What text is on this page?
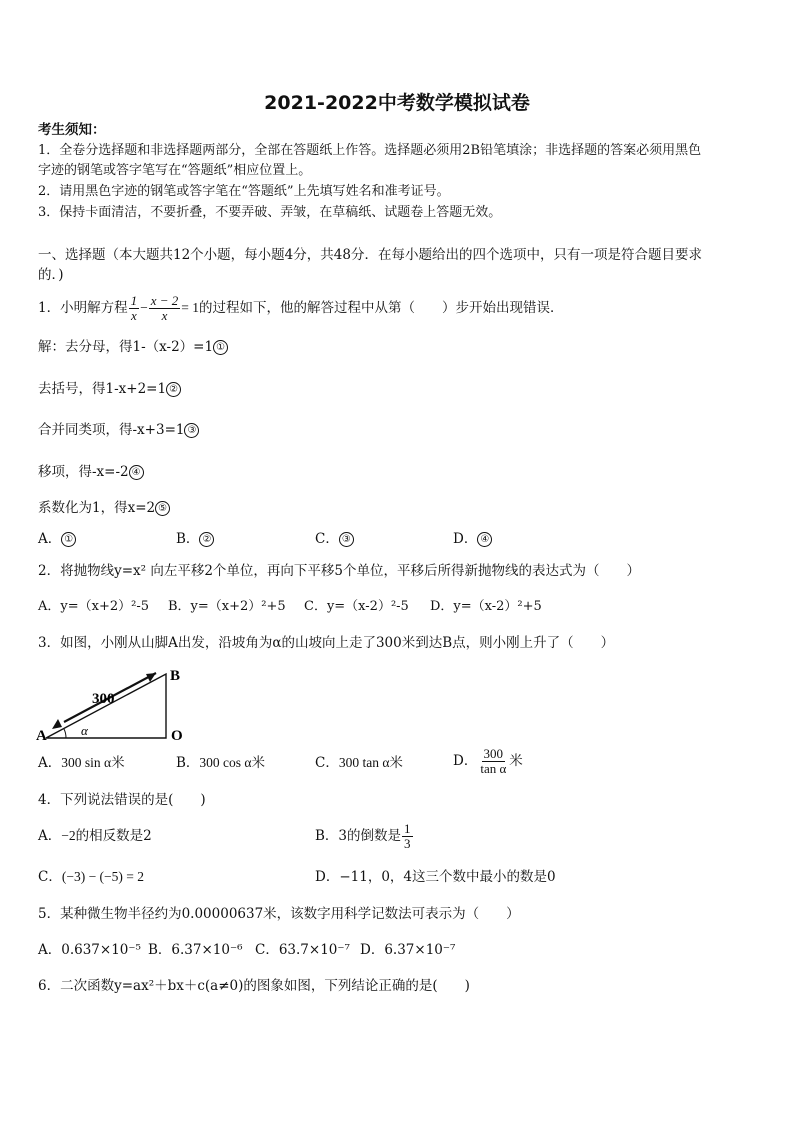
2021-2022中考数学模拟试卷
考生须知：
1．全卷分选择题和非选择题两部分，全部在答题纸上作答。选择题必须用2B铅笔填涂；非选择题的答案必须用黑色
字迹的钢笔或答字笔写在“答题纸”相应位置上。
2．请用黑色字迹的钢笔或答字笔在“答题纸”上先填写姓名和准考证号。
3．保持卡面清洁，不要折叠，不要弄破、弄皱，在草稿纸、试题卷上答题无效。
一、选择题（本大题共12个小题，每小题4分，共48分．在每小题给出的四个选项中，只有一项是符合题目要求
的．)
1．小明解方程 $\frac{1}{x} - \frac{x - 2}{x} = 1$的过程如下，他的解答过程中从第（　　）步开始出现错误．
解：去分母，得1-（x-2）=1 ①
去括号，得1-x+2=1 ②
合并同类项，得-x+3=1 ③
移项，得-x=-2 ④
系数化为1，得x=2 ⑤
A． ①	B． ②	C． ③	D． ④
2．将抛物线y=x² 向左平移2个单位，再向下平移5个单位，平移后所得新抛物线的表达式为（　　）
A．y=（x+2）²-5 B．y=（x+2）²+5 C．y=（x-2）²-5 D．y=（x-2）²+5
3．如图，小刚从山脚A出发，沿坡角为α的山坡向上走了300米到达B点，则小刚上升了（　　）
300
α
A
B
O
A．300 sin α米	B．300 cos α米	C．300 tan α米	D． $\frac{300}{\text{tan α}}$ 米
4．下列说法错误的是(　　)
A．−2的相反数是2	B．3的倒数是 $\frac{1}{3}$
C．(−3) − (−5) = 2	D．−11，0，4这三个数中最小的数是0
5．某种微生物半径约为0.00000637米，该数字用科学记数法可表示为（　　）
A．0.637×10⁻⁵ B．6.37×10⁻⁶ C．63.7×10⁻⁷ D．6.37×10⁻⁷
6．二次函数y=ax²＋bx＋c(a≠0)的图象如图，下列结论正确的是(　　)
